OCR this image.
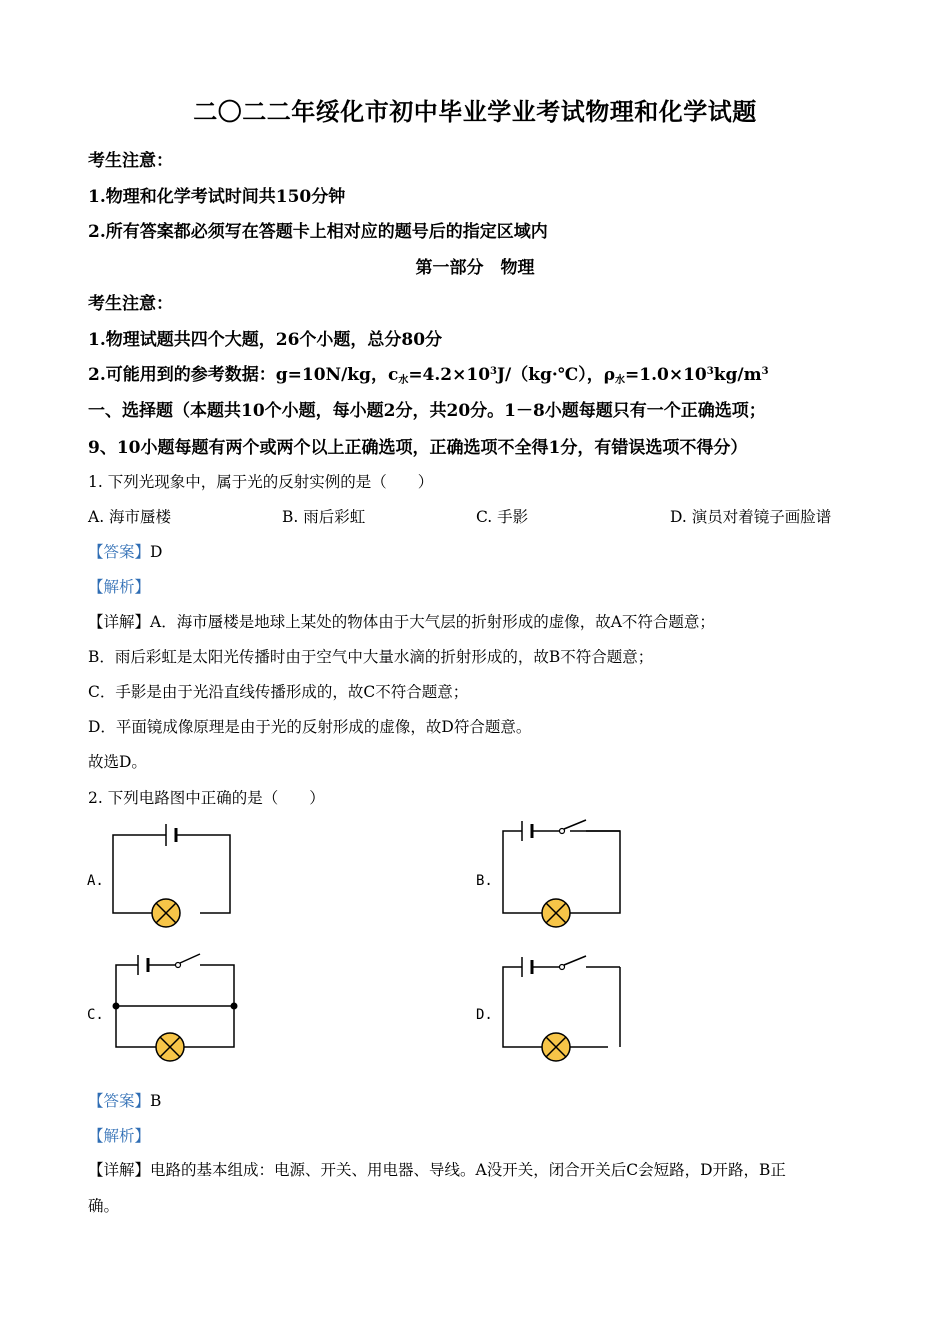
二〇二二年绥化市初中毕业学业考试物理和化学试题
考生注意：
1.物理和化学考试时间共150分钟
2.所有答案都必须写在答题卡上相对应的题号后的指定区域内
第一部分　物理
考生注意：
1.物理试题共四个大题，26个小题，总分80分
2.可能用到的参考数据：g=10N/kg，$c_水=4.2\times 10^3J/(kg\cdot℃)$，$\rho_水=1.0\times 10^3kg/m^3$
一、选择题（本题共10个小题，每小题2分，共20分。1－8小题每题只有一个正确选项；
9、10小题每题有两个或两个以上正确选项，正确选项不全得1分，有错误选项不得分）
1. 下列光现象中，属于光的反射实例的是（　　）
A. 海市蜃楼	B. 雨后彩虹	C. 手影	D. 演员对着镜子画脸谱
【答案】D
【解析】
【详解】A．海市蜃楼是地球上某处的物体由于大气层的折射形成的虚像，故A不符合题意；
B．雨后彩虹是太阳光传播时由于空气中大量水滴的折射形成的，故B不符合题意；
C．手影是由于光沿直线传播形成的，故C不符合题意；
D．平面镜成像原理是由于光的反射形成的虚像，故D符合题意。
故选D。
2. 下列电路图中正确的是（　　）
A.	B.
C.	D.
【答案】B
【解析】
【详解】电路的基本组成：电源、开关、用电器、导线。A没开关，闭合开关后C会短路，D开路，B正
确。
